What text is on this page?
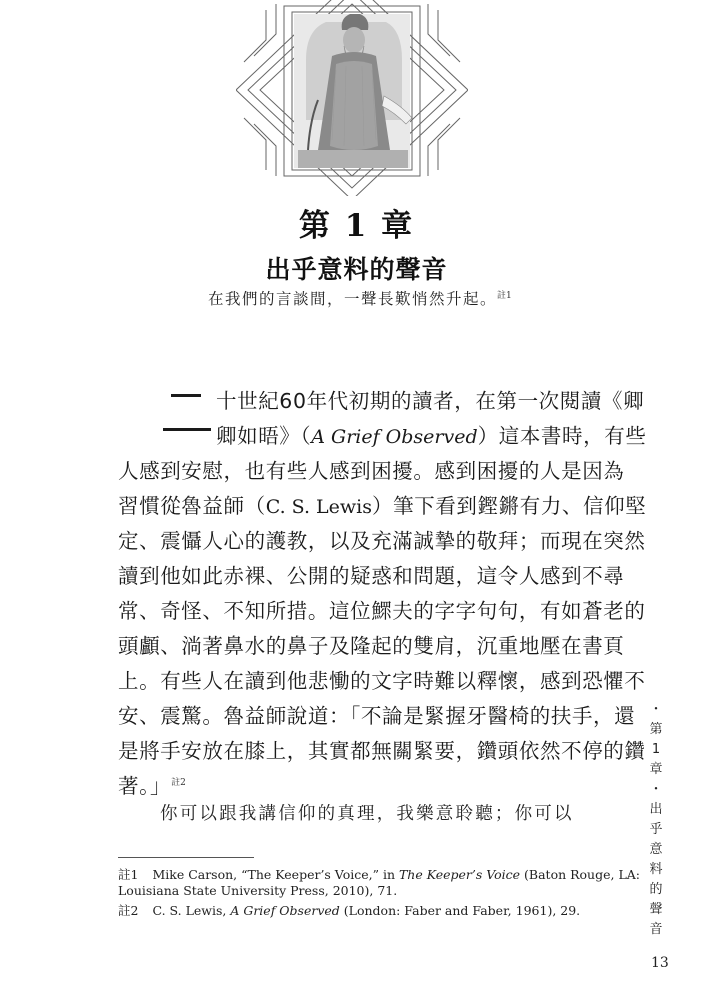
第 1 章
出乎意料的聲音
在我們的言談間，一聲長歎悄然升起。$^{註1}$
十世紀60年代初期的讀者，在第一次閱讀《卿
卿如晤》（A Grief Observed）這本書時，有些
人感到安慰，也有些人感到困擾。感到困擾的人是因為
習慣從魯益師（C. S. Lewis）筆下看到鏗鏘有力、信仰堅
定、震懾人心的護教，以及充滿誠摯的敬拜；而現在突然
讀到他如此赤裸、公開的疑惑和問題，這令人感到不尋
常、奇怪、不知所措。這位鰥夫的字字句句，有如蒼老的
頭顱、淌著鼻水的鼻子及隆起的雙肩，沉重地壓在書頁
上。有些人在讀到他悲慟的文字時難以釋懷，感到恐懼不
安、震驚。魯益師說道：「不論是緊握牙醫椅的扶手，還
是將手安放在膝上，其實都無關緊要，鑽頭依然不停的鑽
著。」$^{註2}$
你可以跟我講信仰的真理，我樂意聆聽；你可以
註1 Mike Carson, “The Keeper’s Voice,” in The Keeper’s Voice (Baton Rouge, LA:
Louisiana State University Press, 2010), 71.
註2 C. S. Lewis, A Grief Observed (London: Faber and Faber, 1961), 29.
・
第
1
章
・
出
乎
意
料
的
聲
音
13
